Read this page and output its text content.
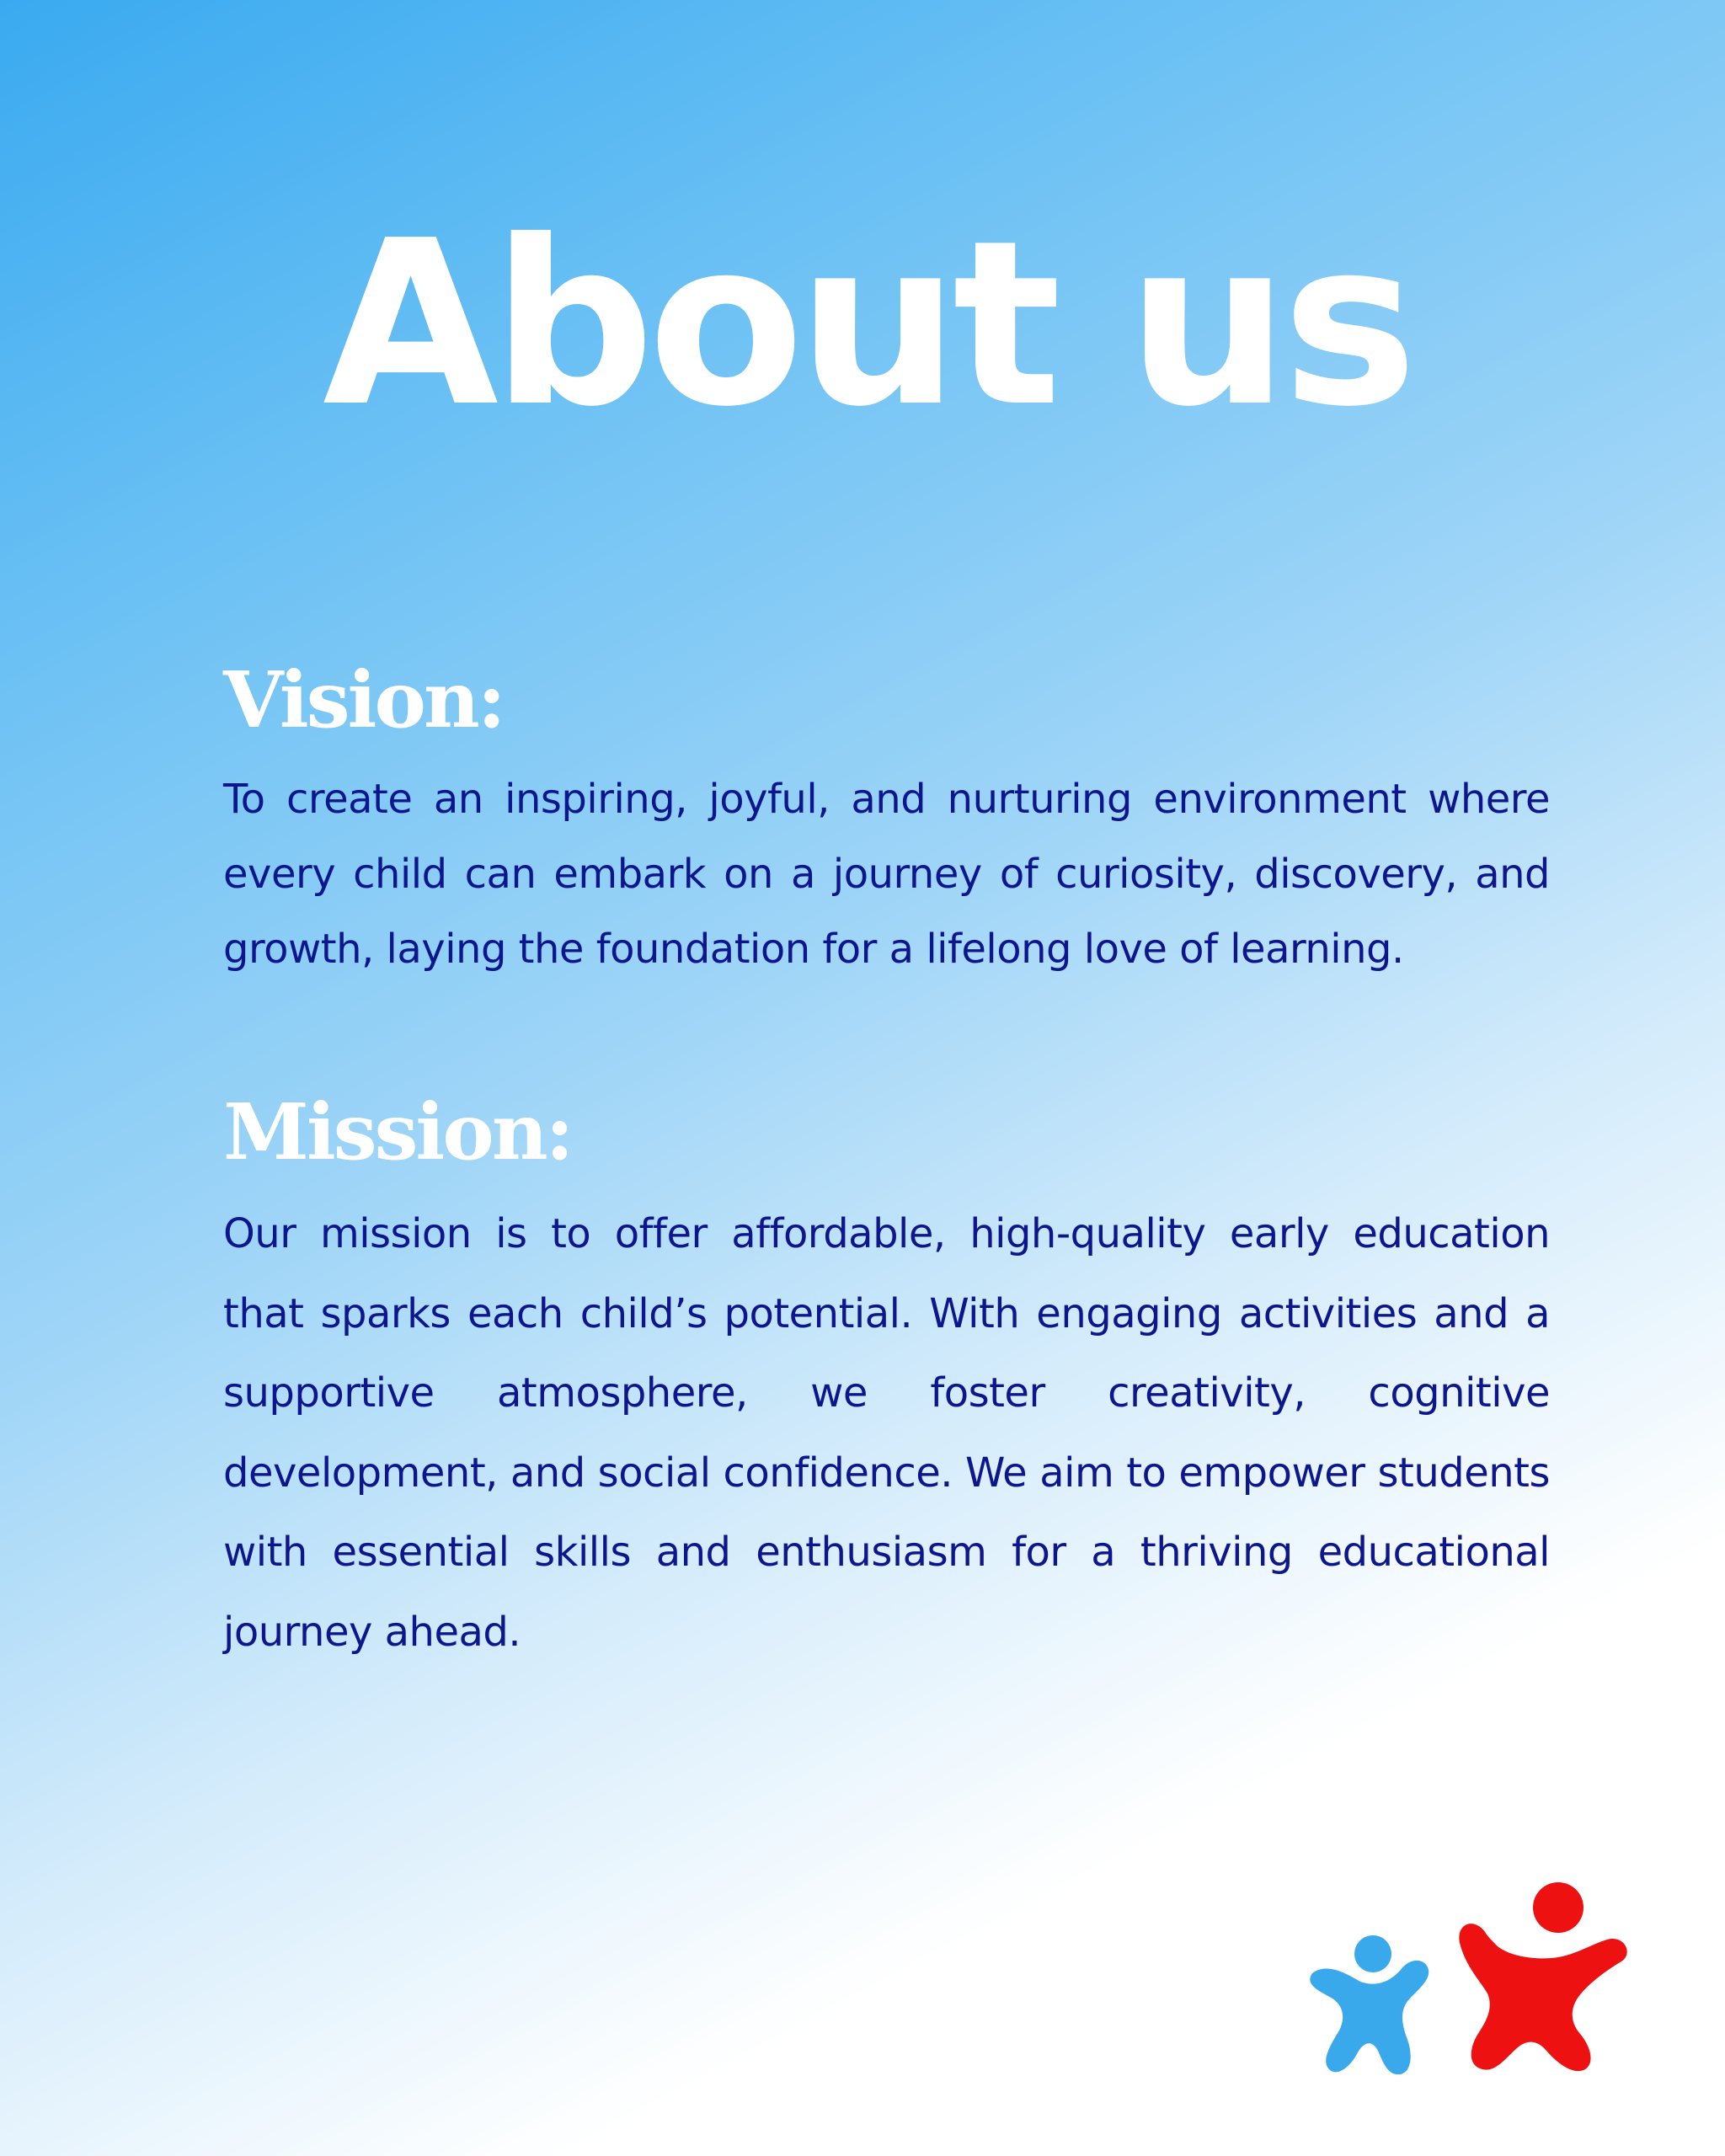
About us
Vision:

To create an inspiring, joyful, and nurturing environment where every child can embark on a journey of curiosity, discovery, and growth, laying the foundation for a lifelong love of learning.

Mission:

Our mission is to offer affordable, high-quality early education that sparks each child’s potential. With engaging activities and a supportive atmosphere, we foster creativity, cognitive development, and social confidence. We aim to empower students with essential skills and enthusiasm for a thriving educational journey ahead.
